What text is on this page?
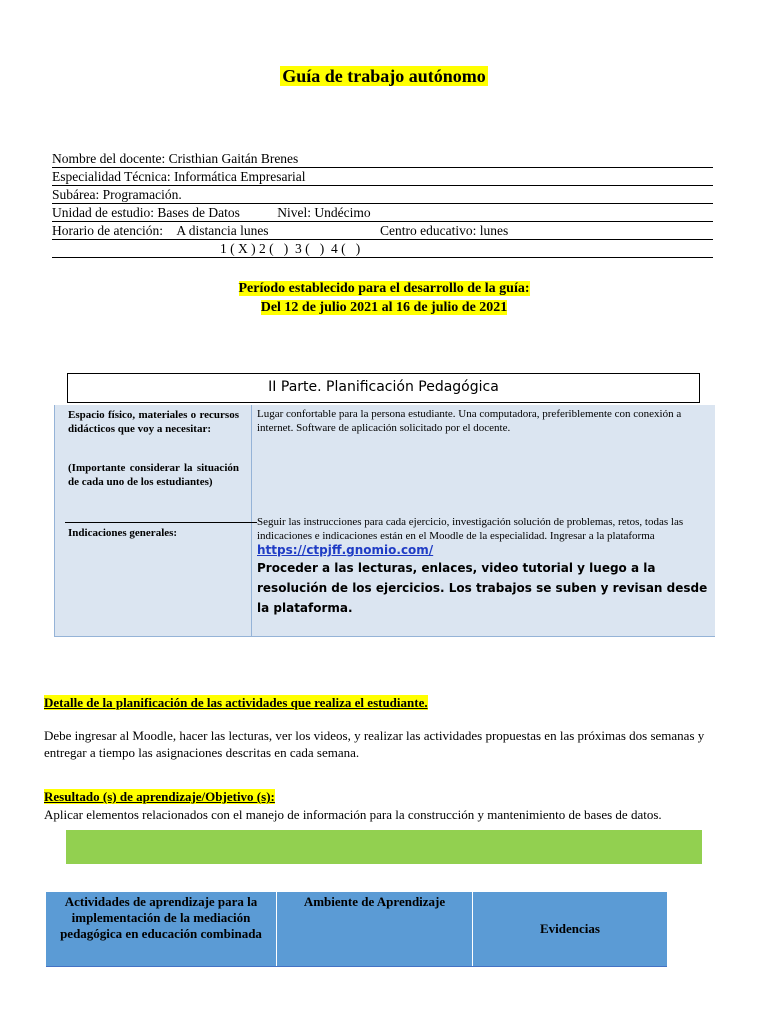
Guía de trabajo autónomo
Nombre del docente: Cristhian Gaitán Brenes
Especialidad Técnica: Informática Empresarial
Subárea: Programación.
Unidad de estudio: Bases de Datos	Nivel: Undécimo
Horario de atención: A distancia lunes	Centro educativo: lunes
1 ( X ) 2 (   )  3 (   )  4 (   )
Período establecido para el desarrollo de la guía:
Del 12 de julio 2021 al 16 de julio de 2021
II Parte. Planificación Pedagógica
Espacio físico, materiales o recursos didácticos que voy a necesitar:
(Importante considerar la situación de cada uno de los estudiantes)
Lugar confortable para la persona estudiante. Una computadora, preferiblemente con conexión a internet. Software de aplicación solicitado por el docente.
Indicaciones generales:
Seguir las instrucciones para cada ejercicio, investigación solución de problemas, retos, todas las indicaciones e indicaciones están en el Moodle de la especialidad. Ingresar a la plataforma https://ctpjff.gnomio.com/
Proceder a las lecturas, enlaces, video tutorial y luego a la resolución de los ejercicios. Los trabajos se suben y revisan desde la plataforma.
Detalle de la planificación de las actividades que realiza el estudiante.
Debe ingresar al Moodle, hacer las lecturas, ver los videos, y realizar las actividades propuestas en las próximas dos semanas y entregar a tiempo las asignaciones descritas en cada semana.
Resultado (s) de aprendizaje/Objetivo (s):
Aplicar elementos relacionados con el manejo de información para la construcción y mantenimiento de bases de datos.
Actividades de aprendizaje para la implementación de la mediación pedagógica en educación combinada
Ambiente de Aprendizaje
Evidencias
